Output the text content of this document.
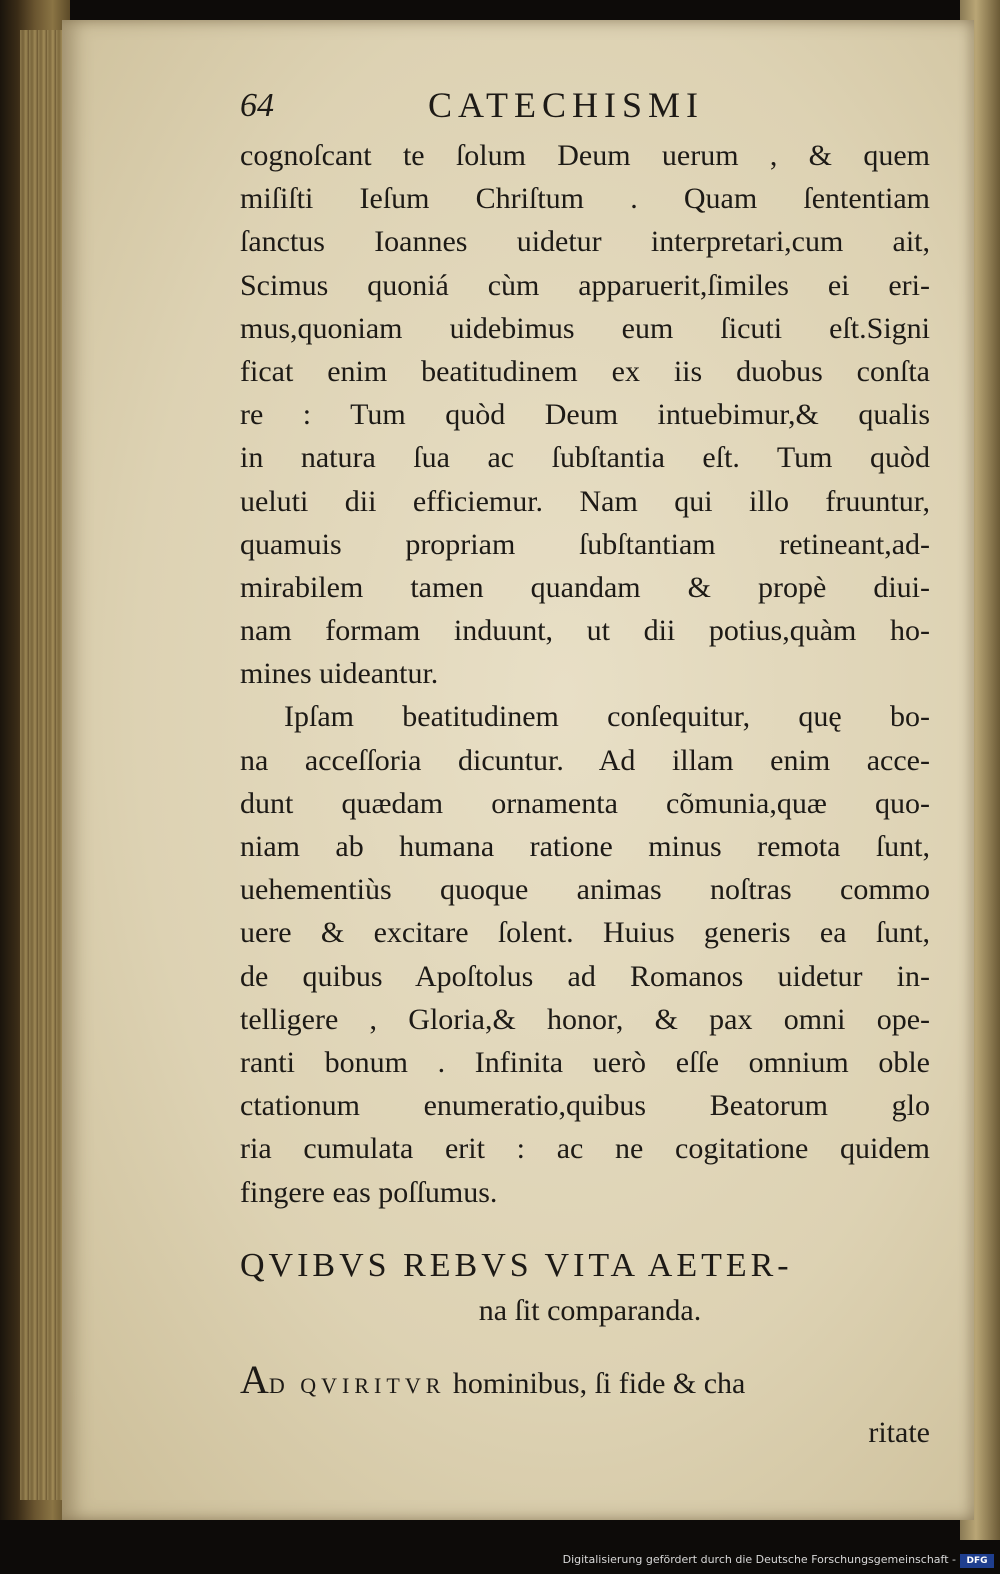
64	CATECHISMI
cognoſcant te ſolum Deum uerum , & quem
miſiſti Ieſum Chriſtum . Quam ſententiam
ſanctus Ioannes uidetur interpretari,cum ait,
Scimus quoniá cùm apparuerit,ſimiles ei eri-
mus,quoniam uidebimus eum ſicuti eſt.Signi
ficat enim beatitudinem ex iis duobus conſta
re : Tum quòd Deum intuebimur,& qualis
in natura ſua ac ſubſtantia eſt. Tum quòd
ueluti dii efficiemur. Nam qui illo fruuntur,
quamuis propriam ſubſtantiam retineant,ad-
mirabilem tamen quandam & propè diui-
nam formam induunt, ut dii potius,quàm ho-
mines uideantur.
Ipſam beatitudinem conſequitur, quę bo-
na acceſſoria dicuntur. Ad illam enim acce-
dunt quædam ornamenta cõmunia,quæ quo-
niam ab humana ratione minus remota ſunt,
uehementiùs quoque animas noſtras commo
uere & excitare ſolent. Huius generis ea ſunt,
de quibus Apoſtolus ad Romanos uidetur in-
telligere , Gloria,& honor, & pax omni ope-
ranti bonum . Infinita uerò eſſe omnium oble
ctationum enumeratio,quibus Beatorum glo
ria cumulata erit : ac ne cogitatione quidem
fingere eas poſſumus.
QVIBVS REBVS VITA AETER-
na ſit comparanda.
AD QVIRITVR hominibus, ſi fide & cha
ritate
Digitalisierung gefördert durch die Deutsche Forschungsgemeinschaft -	DFG
